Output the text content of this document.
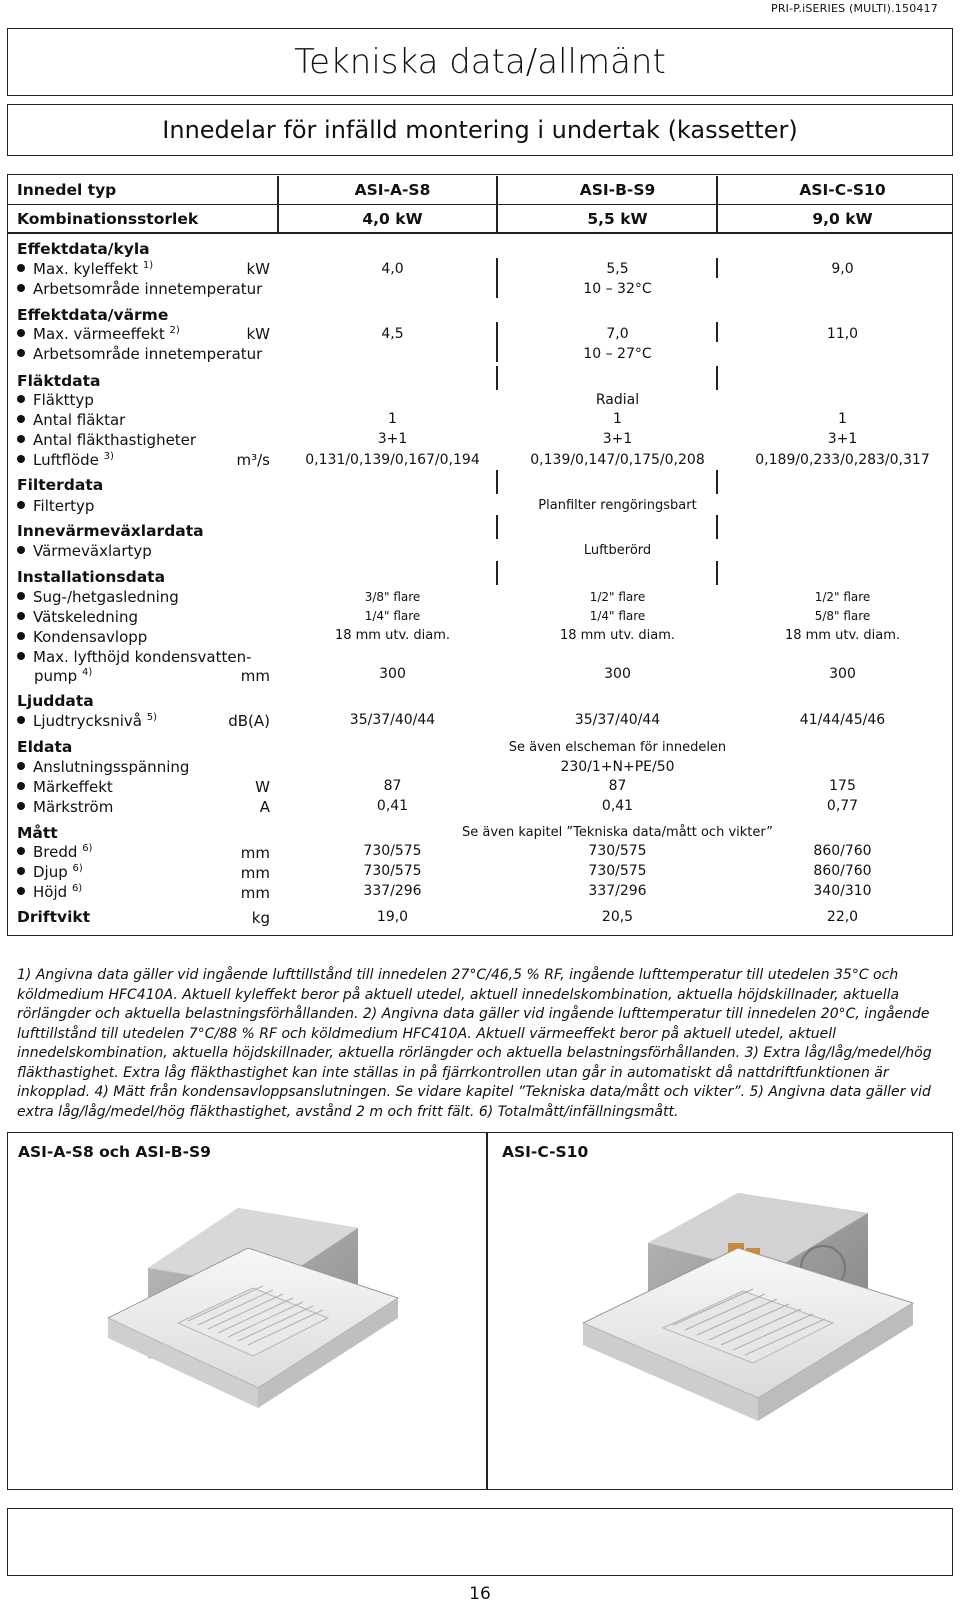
PRI-P.iSERIES (MULTI).150417
Tekniska data/allmänt
Innedelar för infälld montering i undertak (kassetter)
Innedel typ	ASI-A-S8	ASI-B-S9	ASI-C-S10
Kombinationsstorlek	4,0 kW	5,5 kW	9,0 kW
Effektdata/kyla
Max. kyleffekt $^{1)}$	kW	4,0	5,5	9,0
Arbetsområde innetemperatur	10 – 32°C
Effektdata/värme
Max. värmeeffekt $^{2)}$	kW	4,5	7,0	11,0
Arbetsområde innetemperatur	10 – 27°C
Fläktdata
Fläkttyp	Radial
Antal fläktar	1	1	1
Antal fläkthastigheter	3+1	3+1	3+1
Luftflöde $^{3)}$	m³/s	0,131/0,139/0,167/0,194	0,139/0,147/0,175/0,208	0,189/0,233/0,283/0,317
Filterdata
Filtertyp	Planfilter rengöringsbart
Innevärmeväxlardata
Värmeväxlartyp	Luftberörd
Installationsdata
Sug-/hetgasledning	3/8" flare	1/2" flare	1/2" flare
Vätskeledning	1/4" flare	1/4" flare	5/8" flare
Kondensavlopp	18 mm utv. diam.	18 mm utv. diam.	18 mm utv. diam.
Max. lyfthöjd kondensvatten-
pump $^{4)}$	mm	300	300	300
Ljuddata
Ljudtrycksnivå $^{5)}$	dB(A)	35/37/40/44	35/37/40/44	41/44/45/46
Eldata	Se även elscheman för innedelen
Anslutningsspänning	230/1+N+PE/50
Märkeffekt	W	87	87	175
Märkström	A	0,41	0,41	0,77
Mått	Se även kapitel ”Tekniska data/mått och vikter”
Bredd $^{6)}$	mm	730/575	730/575	860/760
Djup $^{6)}$	mm	730/575	730/575	860/760
Höjd $^{6)}$	mm	337/296	337/296	340/310
Driftvikt	kg	19,0	20,5	22,0
1) Angivna data gäller vid ingående lufttillstånd till innedelen 27°C/46,5 % RF, ingående lufttemperatur till utedelen 35°C och köldmedium HFC410A. Aktuell kyleffekt beror på aktuell utedel, aktuell innedelskombination, aktuella höjdskillnader, aktuella rörlängder och aktuella belastningsförhållanden. 2) Angivna data gäller vid ingående lufttemperatur till innedelen 20°C, ingående lufttillstånd till utedelen 7°C/88 % RF och köldmedium HFC410A. Aktuell värmeeffekt beror på aktuell utedel, aktuell innedelskombination, aktuella höjdskillnader, aktuella rörlängder och aktuella belastningsförhållanden. 3) Extra låg/låg/medel/hög fläkthastighet. Extra låg fläkthastighet kan inte ställas in på fjärrkontrollen utan går in automatiskt då nattdriftfunktionen är inkopplad. 4) Mätt från kondensavloppsanslutningen. Se vidare kapitel ”Tekniska data/mått och vikter”. 5) Angivna data gäller vid extra låg/låg/medel/hög fläkthastighet, avstånd 2 m och fritt fält. 6) Totalmått/infällningsmått.
ASI-A-S8 och ASI-B-S9	ASI-C-S10
16
